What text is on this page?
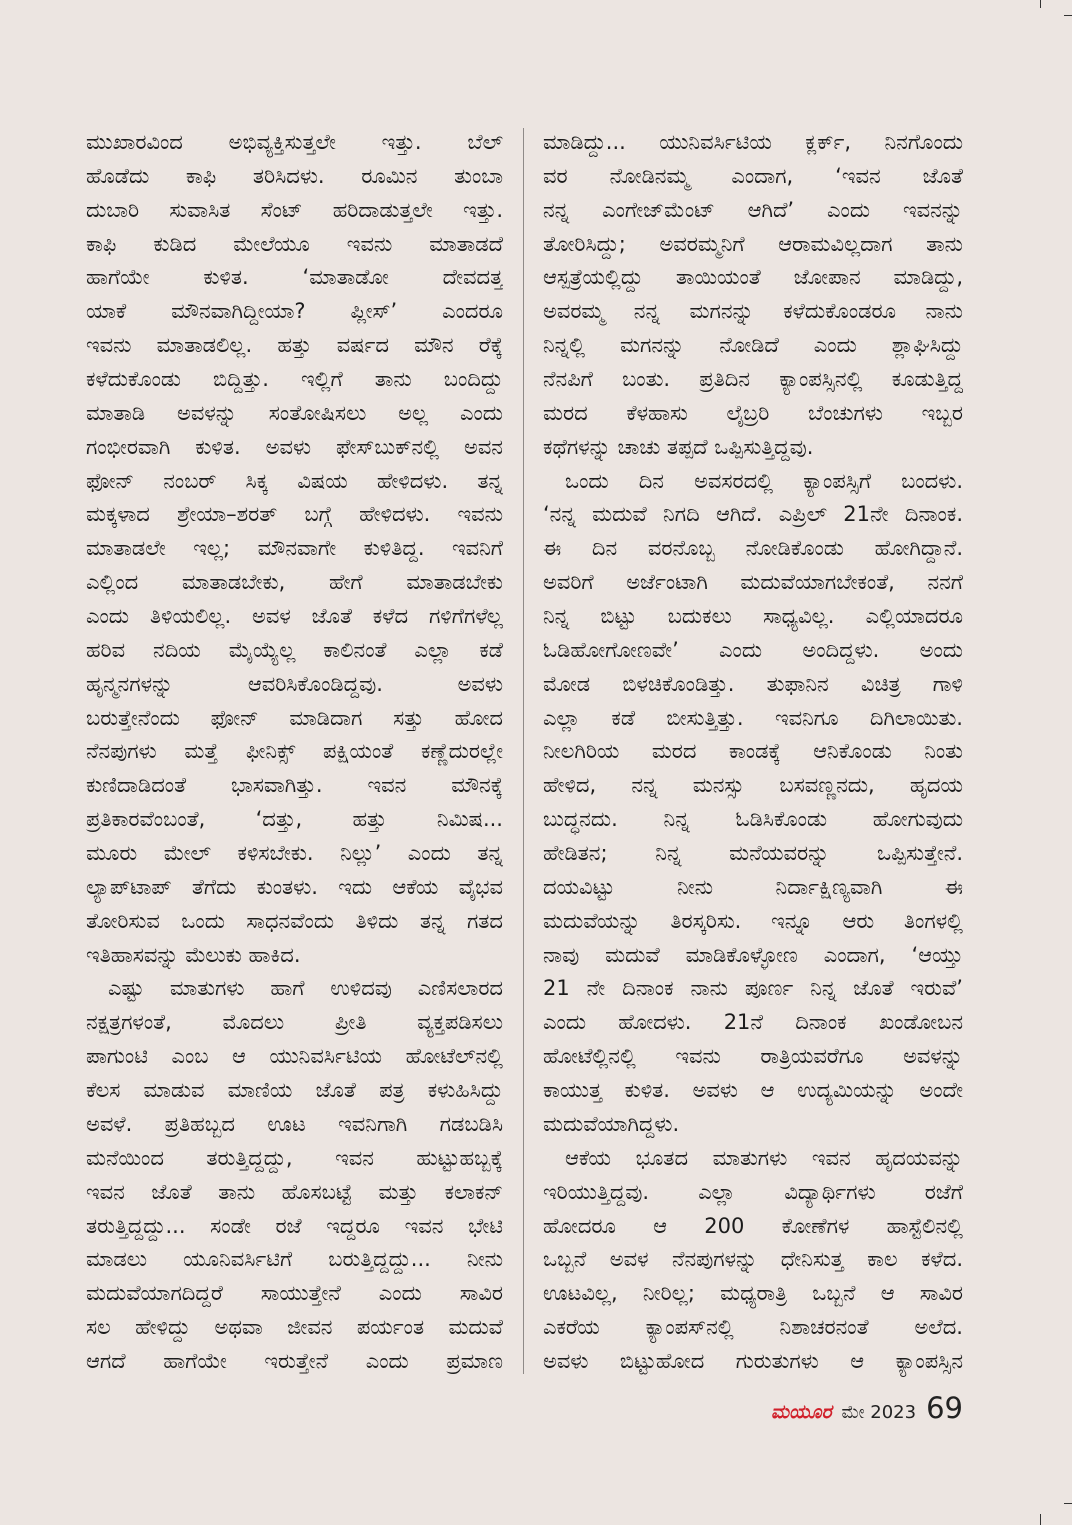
ಮುಖಾರವಿಂದ ಅಭಿವ್ಯಕ್ತಿಸುತ್ತಲೇ ಇತ್ತು. ಬೆಲ್
ಹೊಡೆದು ಕಾಫಿ ತರಿಸಿದಳು. ರೂಮಿನ ತುಂಬಾ
ದುಬಾರಿ ಸುವಾಸಿತ ಸೆಂಟ್ ಹರಿದಾಡುತ್ತಲೇ ಇತ್ತು.
ಕಾಫಿ ಕುಡಿದ ಮೇಲೆಯೂ ಇವನು ಮಾತಾಡದೆ
ಹಾಗೆಯೇ ಕುಳಿತ. ‘ಮಾತಾಡೋ ದೇವದತ್ತ
ಯಾಕೆ ಮೌನವಾಗಿದ್ದೀಯಾ? ಪ್ಲೀಸ್’ ಎಂದರೂ
ಇವನು ಮಾತಾಡಲಿಲ್ಲ. ಹತ್ತು ವರ್ಷದ ಮೌನ ರೆಕ್ಕೆ
ಕಳೆದುಕೊಂಡು ಬಿದ್ದಿತ್ತು. ಇಲ್ಲಿಗೆ ತಾನು ಬಂದಿದ್ದು
ಮಾತಾಡಿ ಅವಳನ್ನು ಸಂತೋಷಿಸಲು ಅಲ್ಲ ಎಂದು
ಗಂಭೀರವಾಗಿ ಕುಳಿತ. ಅವಳು ಫೇಸ್‌ಬುಕ್‌ನಲ್ಲಿ ಅವನ
ಫೋನ್ ನಂಬರ್ ಸಿಕ್ಕ ವಿಷಯ ಹೇಳಿದಳು. ತನ್ನ
ಮಕ್ಕಳಾದ ಶ್ರೇಯಾ–ಶರತ್ ಬಗ್ಗೆ ಹೇಳಿದಳು. ಇವನು
ಮಾತಾಡಲೇ ಇಲ್ಲ; ಮೌನವಾಗೇ ಕುಳಿತಿದ್ದ. ಇವನಿಗೆ
ಎಲ್ಲಿಂದ ಮಾತಾಡಬೇಕು, ಹೇಗೆ ಮಾತಾಡಬೇಕು
ಎಂದು ತಿಳಿಯಲಿಲ್ಲ. ಅವಳ ಜೊತೆ ಕಳೆದ ಗಳಿಗೆಗಳೆಲ್ಲ
ಹರಿವ ನದಿಯ ಮೈಯ್ಯೆಲ್ಲ ಕಾಲಿನಂತೆ ಎಲ್ಲಾ ಕಡೆ
ಹೃನ್ಮನಗಳನ್ನು ಆವರಿಸಿಕೊಂಡಿದ್ದವು. ಅವಳು
ಬರುತ್ತೇನೆಂದು ಫೋನ್ ಮಾಡಿದಾಗ ಸತ್ತು ಹೋದ
ನೆನಪುಗಳು ಮತ್ತೆ ಫೀನಿಕ್ಸ್ ಪಕ್ಷಿಯಂತೆ ಕಣ್ಣೆದುರಲ್ಲೇ
ಕುಣಿದಾಡಿದಂತೆ ಭಾಸವಾಗಿತ್ತು. ಇವನ ಮೌನಕ್ಕೆ
ಪ್ರತಿಕಾರವೆಂಬಂತೆ, ‘ದತ್ತು, ಹತ್ತು ನಿಮಿಷ...
ಮೂರು ಮೇಲ್ ಕಳಿಸಬೇಕು. ನಿಲ್ಲು’ ಎಂದು ತನ್ನ
ಲ್ಯಾಪ್‌ಟಾಪ್ ತೆಗೆದು ಕುಂತಳು. ಇದು ಆಕೆಯ ವೈಭವ
ತೋರಿಸುವ ಒಂದು ಸಾಧನವೆಂದು ತಿಳಿದು ತನ್ನ ಗತದ
ಇತಿಹಾಸವನ್ನು ಮೆಲುಕು ಹಾಕಿದ.
ಎಷ್ಟು ಮಾತುಗಳು ಹಾಗೆ ಉಳಿದವು ಎಣಿಸಲಾರದ
ನಕ್ಷತ್ರಗಳಂತೆ, ಮೊದಲು ಪ್ರೀತಿ ವ್ಯಕ್ತಪಡಿಸಲು
ಪಾಗುಂಟಿ ಎಂಬ ಆ ಯುನಿವರ್ಸಿಟಿಯ ಹೋಟೆಲ್‌ನಲ್ಲಿ
ಕೆಲಸ ಮಾಡುವ ಮಾಣಿಯ ಜೊತೆ ಪತ್ರ ಕಳುಹಿಸಿದ್ದು
ಅವಳೆ. ಪ್ರತಿಹಬ್ಬದ ಊಟ ಇವನಿಗಾಗಿ ಗಡಬಡಿಸಿ
ಮನೆಯಿಂದ ತರುತ್ತಿದ್ದದ್ದು, ಇವನ ಹುಟ್ಟುಹಬ್ಬಕ್ಕೆ
ಇವನ ಜೊತೆ ತಾನು ಹೊಸಬಟ್ಟೆ ಮತ್ತು ಕಲಾಕನ್
ತರುತ್ತಿದ್ದದ್ದು... ಸಂಡೇ ರಜೆ ಇದ್ದರೂ ಇವನ ಭೇಟಿ
ಮಾಡಲು ಯೂನಿವರ್ಸಿಟಿಗೆ ಬರುತ್ತಿದ್ದದ್ದು... ನೀನು
ಮದುವೆಯಾಗದಿದ್ದರೆ ಸಾಯುತ್ತೇನೆ ಎಂದು ಸಾವಿರ
ಸಲ ಹೇಳಿದ್ದು ಅಥವಾ ಜೀವನ ಪರ್ಯಂತ ಮದುವೆ
ಆಗದೆ ಹಾಗೆಯೇ ಇರುತ್ತೇನೆ ಎಂದು ಪ್ರಮಾಣ
ಮಾಡಿದ್ದು... ಯುನಿವರ್ಸಿಟಿಯ ಕ್ಲರ್ಕ್, ನಿನಗೊಂದು
ವರ ನೋಡಿನಮ್ಮ ಎಂದಾಗ, ‘ಇವನ ಜೊತೆ
ನನ್ನ ಎಂಗೇಜ್‌ಮೆಂಟ್ ಆಗಿದೆ’ ಎಂದು ಇವನನ್ನು
ತೋರಿಸಿದ್ದು; ಅವರಮ್ಮನಿಗೆ ಆರಾಮವಿಲ್ಲದಾಗ ತಾನು
ಆಸ್ಪತ್ರೆಯಲ್ಲಿದ್ದು ತಾಯಿಯಂತೆ ಜೋಪಾನ ಮಾಡಿದ್ದು,
ಅವರಮ್ಮ ನನ್ನ ಮಗನನ್ನು ಕಳೆದುಕೊಂಡರೂ ನಾನು
ನಿನ್ನಲ್ಲಿ ಮಗನನ್ನು ನೋಡಿದೆ ಎಂದು ಶ್ಲಾಘಿಸಿದ್ದು
ನೆನಪಿಗೆ ಬಂತು. ಪ್ರತಿದಿನ ಕ್ಯಾಂಪಸ್ಸಿನಲ್ಲಿ ಕೂಡುತ್ತಿದ್ದ
ಮರದ ಕೆಳಹಾಸು ಲೈಬ್ರರಿ ಬೆಂಚುಗಳು ಇಬ್ಬರ
ಕಥೆಗಳನ್ನು ಚಾಚು ತಪ್ಪದೆ ಒಪ್ಪಿಸುತ್ತಿದ್ದವು.
ಒಂದು ದಿನ ಅವಸರದಲ್ಲಿ ಕ್ಯಾಂಪಸ್ಸಿಗೆ ಬಂದಳು.
‘ನನ್ನ ಮದುವೆ ನಿಗದಿ ಆಗಿದೆ. ಎಪ್ರಿಲ್ 21ನೇ ದಿನಾಂಕ.
ಈ ದಿನ ವರನೊಬ್ಬ ನೋಡಿಕೊಂಡು ಹೋಗಿದ್ದಾನೆ.
ಅವರಿಗೆ ಅರ್ಜೆಂಟಾಗಿ ಮದುವೆಯಾಗಬೇಕಂತೆ, ನನಗೆ
ನಿನ್ನ ಬಿಟ್ಟು ಬದುಕಲು ಸಾಧ್ಯವಿಲ್ಲ. ಎಲ್ಲಿಯಾದರೂ
ಓಡಿಹೋಗೋಣವೇ’ ಎಂದು ಅಂದಿದ್ದಳು. ಅಂದು
ಮೋಡ ಬಿಳಚಿಕೊಂಡಿತ್ತು. ತುಫಾನಿನ ವಿಚಿತ್ರ ಗಾಳಿ
ಎಲ್ಲಾ ಕಡೆ ಬೀಸುತ್ತಿತ್ತು. ಇವನಿಗೂ ದಿಗಿಲಾಯಿತು.
ನೀಲಗಿರಿಯ ಮರದ ಕಾಂಡಕ್ಕೆ ಆನಿಕೊಂಡು ನಿಂತು
ಹೇಳಿದ, ನನ್ನ ಮನಸ್ಸು ಬಸವಣ್ಣನದು, ಹೃದಯ
ಬುದ್ಧನದು. ನಿನ್ನ ಓಡಿಸಿಕೊಂಡು ಹೋಗುವುದು
ಹೇಡಿತನ; ನಿನ್ನ ಮನೆಯವರನ್ನು ಒಪ್ಪಿಸುತ್ತೇನೆ.
ದಯವಿಟ್ಟು ನೀನು ನಿರ್ದಾಕ್ಷಿಣ್ಯವಾಗಿ ಈ
ಮದುವೆಯನ್ನು ತಿರಸ್ಕರಿಸು. ಇನ್ನೂ ಆರು ತಿಂಗಳಲ್ಲಿ
ನಾವು ಮದುವೆ ಮಾಡಿಕೊಳ್ಳೋಣ ಎಂದಾಗ, ‘ಆಯ್ತು
21 ನೇ ದಿನಾಂಕ ನಾನು ಪೂರ್ಣ ನಿನ್ನ ಜೊತೆ ಇರುವೆ’
ಎಂದು ಹೋದಳು. 21ನೆ ದಿನಾಂಕ ಖಂಡೋಬನ
ಹೋಟೆಲ್ಲಿನಲ್ಲಿ ಇವನು ರಾತ್ರಿಯವರೆಗೂ ಅವಳನ್ನು
ಕಾಯುತ್ತ ಕುಳಿತ. ಅವಳು ಆ ಉದ್ಯಮಿಯನ್ನು ಅಂದೇ
ಮದುವೆಯಾಗಿದ್ದಳು.
ಆಕೆಯ ಭೂತದ ಮಾತುಗಳು ಇವನ ಹೃದಯವನ್ನು
ಇರಿಯುತ್ತಿದ್ದವು. ಎಲ್ಲಾ ವಿದ್ಯಾರ್ಥಿಗಳು ರಜೆಗೆ
ಹೋದರೂ ಆ 200 ಕೋಣೆಗಳ ಹಾಸ್ಟೆಲಿನಲ್ಲಿ
ಒಬ್ಬನೆ ಅವಳ ನೆನಪುಗಳನ್ನು ಧೇನಿಸುತ್ತ ಕಾಲ ಕಳೆದ.
ಊಟವಿಲ್ಲ, ನೀರಿಲ್ಲ; ಮಧ್ಯರಾತ್ರಿ ಒಬ್ಬನೆ ಆ ಸಾವಿರ
ಎಕರೆಯ ಕ್ಯಾಂಪಸ್‌ನಲ್ಲಿ ನಿಶಾಚರನಂತೆ ಅಲೆದ.
ಅವಳು ಬಿಟ್ಟುಹೋದ ಗುರುತುಗಳು ಆ ಕ್ಯಾಂಪಸ್ಸಿನ
ಮಯೂರ ಮೇ 2023 69
